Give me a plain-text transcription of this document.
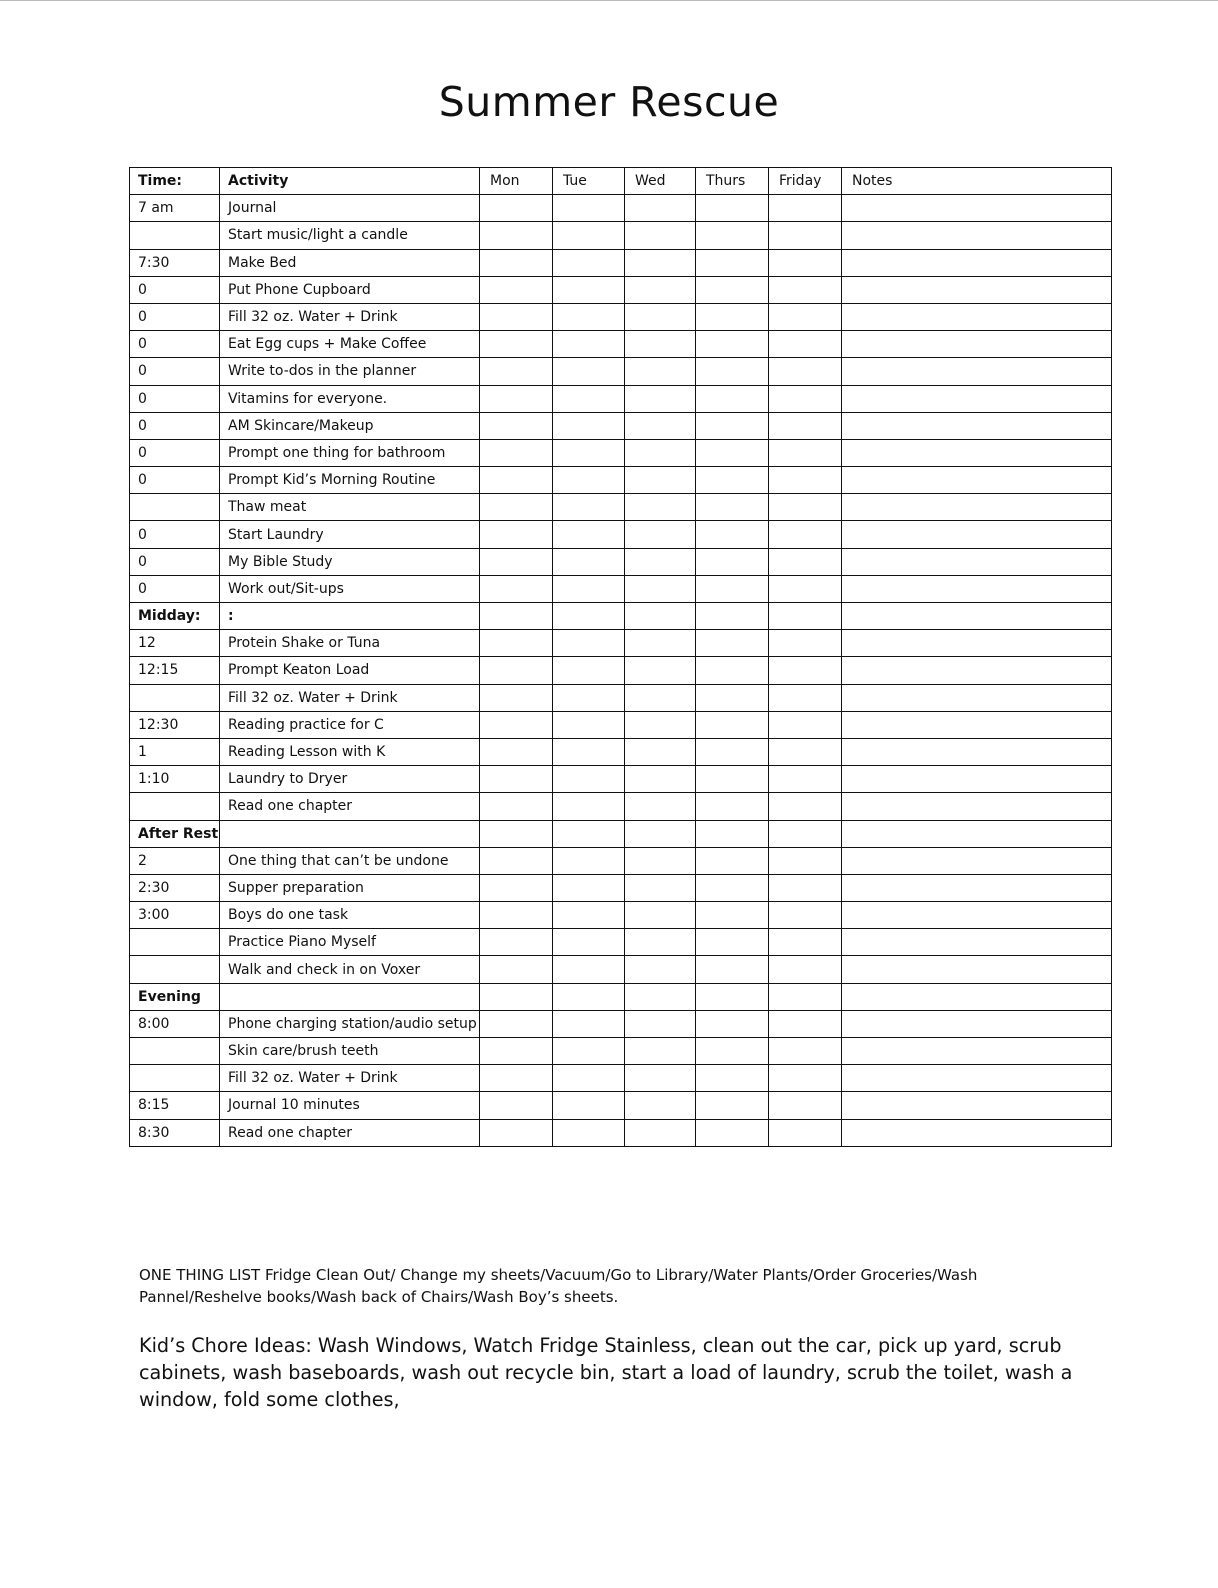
Summer Rescue
Time:	Activity	Mon	Tue	Wed	Thurs	Friday	Notes
7 am	Journal						
	Start music/light a candle						
7:30	Make Bed						
0	Put Phone Cupboard						
0	Fill 32 oz. Water + Drink						
0	Eat Egg cups + Make Coffee						
0	Write to-dos in the planner						
0	Vitamins for everyone.						
0	AM Skincare/Makeup						
0	Prompt one thing for bathroom						
0	Prompt Kid’s Morning Routine						
	Thaw meat						
0	Start Laundry						
0	My Bible Study						
0	Work out/Sit-ups						
Midday:	:						
12	Protein Shake or Tuna						
12:15	Prompt Keaton Load						
	Fill 32 oz. Water + Drink						
12:30	Reading practice for C						
1	Reading Lesson with K						
1:10	Laundry to Dryer						
	Read one chapter						
After Rest							
2	One thing that can’t be undone						
2:30	Supper preparation						
3:00	Boys do one task						
	Practice Piano Myself						
	Walk and check in on Voxer						
Evening							
8:00	Phone charging station/audio setup						
	Skin care/brush teeth						
	Fill 32 oz. Water + Drink						
8:15	Journal 10 minutes						
8:30	Read one chapter						

ONE THING LIST Fridge Clean Out/ Change my sheets/Vacuum/Go to Library/Water Plants/Order Groceries/Wash Pannel/Reshelve books/Wash back of Chairs/Wash Boy’s sheets.

Kid’s Chore Ideas: Wash Windows, Watch Fridge Stainless, clean out the car, pick up yard, scrub cabinets, wash baseboards, wash out recycle bin, start a load of laundry, scrub the toilet, wash a window, fold some clothes,
